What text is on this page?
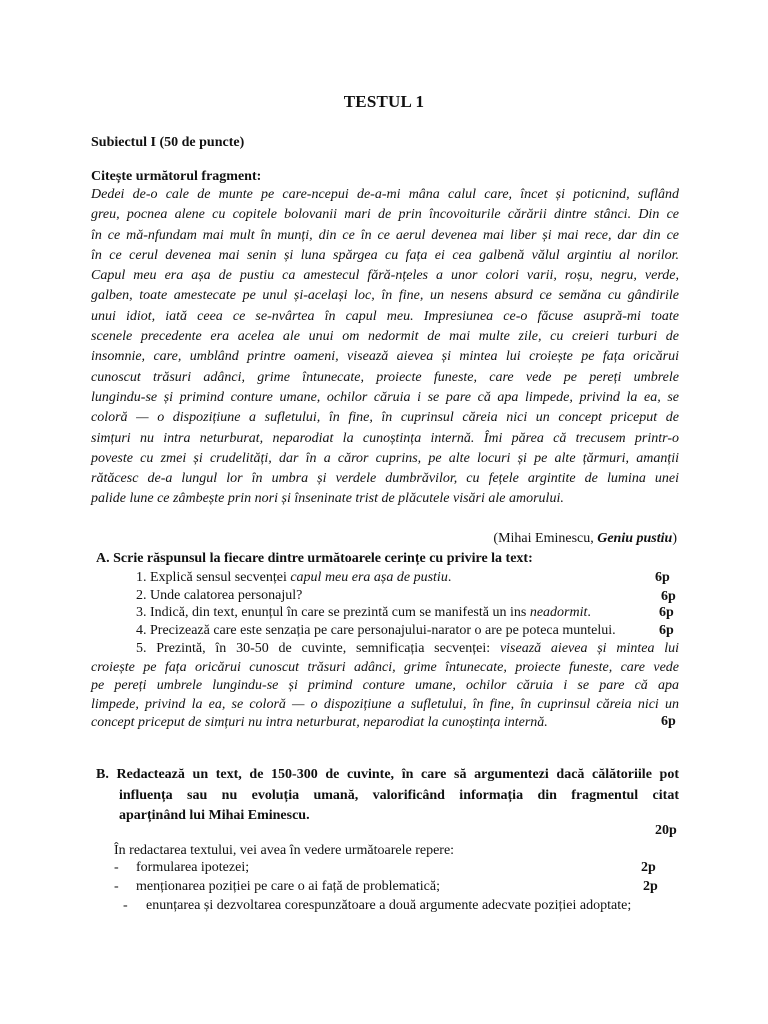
TESTUL 1
Subiectul I (50 de puncte)
Citește următorul fragment:
Dedei de-o cale de munte pe care-ncepui de-a-mi mâna calul care, încet și poticnind, suflând
greu, pocnea alene cu copitele bolovanii mari de prin încovoiturile cărării dintre stânci. Din ce
în ce mă-nfundam mai mult în munți, din ce în ce aerul devenea mai liber și mai rece, dar din ce
în ce cerul devenea mai senin și luna spărgea cu fața ei cea galbenă vălul argintiu al norilor.
Capul meu era așa de pustiu ca amestecul fără-nțeles a unor colori varii, roșu, negru, verde,
galben, toate amestecate pe unul și-același loc, în fine, un nesens absurd ce semăna cu gândirile
unui idiot, iată ceea ce se-nvârtea în capul meu. Impresiunea ce-o făcuse asupră-mi toate
scenele precedente era acelea ale unui om nedormit de mai multe zile, cu creieri turburi de
insomnie, care, umblând printre oameni, visează aievea și mintea lui croiește pe fața oricărui
cunoscut trăsuri adânci, grime întunecate, proiecte funeste, care vede pe pereți umbrele
lungindu-se și primind conture umane, ochilor căruia i se pare că apa limpede, privind la ea, se
coloră — o dispozițiune a sufletului, în fine, în cuprinsul căreia nici un concept priceput de
simțuri nu intra neturburat, neparodiat la cunoștința internă. Îmi părea că trecusem printr-o
poveste cu zmei și crudelități, dar în a căror cuprins, pe alte locuri și pe alte țărmuri, amanții
rătăcesc de-a lungul lor în umbra și verdele dumbrăvilor, cu fețele argintite de lumina unei
palide lune ce zâmbește prin nori și înseninate trist de plăcutele visări ale amorului.
(Mihai Eminescu, Geniu pustiu)
A. Scrie răspunsul la fiecare dintre următoarele cerințe cu privire la text:
1. Explică sensul secvenței capul meu era așa de pustiu.	6p
2. Unde calatorea personajul?	6p
3. Indică, din text, enunțul în care se prezintă cum se manifestă un ins neadormit.	6p
4. Precizează care este senzația pe care personajului-narator o are pe poteca muntelui.	6p
5. Prezintă, în 30-50 de cuvinte, semnificația secvenței: visează aievea și mintea lui
croiește pe fața oricărui cunoscut trăsuri adânci, grime întunecate, proiecte funeste, care vede
pe pereți umbrele lungindu-se și primind conture umane, ochilor căruia i se pare că apa
limpede, privind la ea, se coloră — o dispozițiune a sufletului, în fine, în cuprinsul căreia nici un
concept priceput de simțuri nu intra neturburat, neparodiat la cunoștința internă.	6p
B. Redactează un text, de 150-300 de cuvinte, în care să argumentezi dacă călătoriile pot
influența sau nu evoluția umană, valorificând informația din fragmentul citat
aparținând lui Mihai Eminescu.
20p
În redactarea textului, vei avea în vedere următoarele repere:
- formularea ipotezei;	2p
- menționarea poziției pe care o ai față de problematică;	2p
- enunțarea și dezvoltarea corespunzătoare a două argumente adecvate poziției adoptate;
